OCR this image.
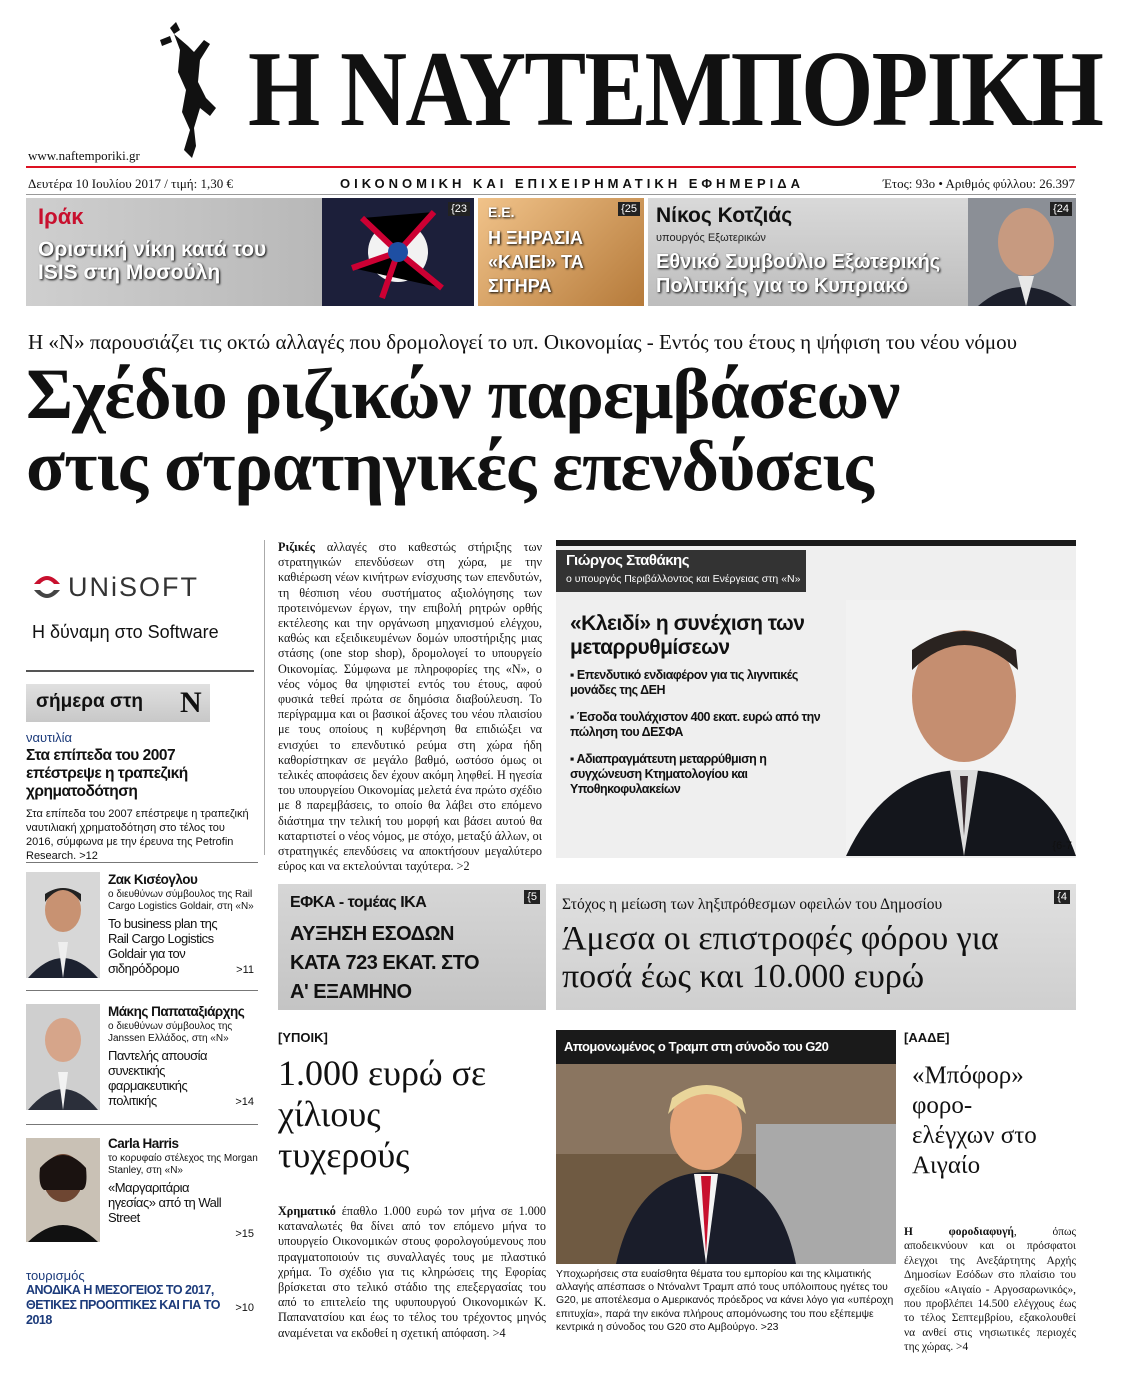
Η ΝΑΥΤΕΜΠΟΡΙΚΗ
www.naftemporiki.gr
Δευτέρα 10 Ιουλίου 2017 / τιμή: 1,30 €	ΟΙΚΟΝΟΜΙΚΗ ΚΑΙ ΕΠΙΧΕΙΡΗΜΑΤΙΚΗ ΕΦΗΜΕΡΙΔΑ	Έτος: 93ο • Αριθμός φύλλου: 26.397
Ιράκ
Οριστική νίκη κατά του ISIS στη Μοσούλη
{23 Ε.Ε.
Η ΞΗΡΑΣΙΑ «ΚΑΙΕΙ» ΤΑ ΣΙΤΗΡΑ
{25 Νίκος Κοτζιάς
υπουργός Εξωτερικών
Εθνικό Συμβούλιο Εξωτερικής Πολιτικής για το Κυπριακό
{24
Η «Ν» παρουσιάζει τις οκτώ αλλαγές που δρομολογεί το υπ. Οικονομίας - Εντός του έτους η ψήφιση του νέου νόμου
Σχέδιο ριζικών παρεμβάσεων
στις στρατηγικές επενδύσεις
Ριζικές αλλαγές στο καθεστώς στήριξης των στρατηγικών επενδύσεων στη χώρα, με την καθιέρωση νέων κινήτρων ενίσχυσης των επενδυτών, τη θέσπιση νέου συστήματος αξιολόγησης των προτεινόμενων έργων, την επιβολή ρητρών ορθής εκτέλεσης και την οργάνωση μηχανισμού ελέγχου, καθώς και εξειδικευμένων δομών υποστήριξης μιας στάσης (one stop shop), δρομολογεί το υπουργείο Οικονομίας. Σύμφωνα με πληροφορίες της «Ν», ο νέος νόμος θα ψηφιστεί εντός του έτους, αφού φυσικά τεθεί πρώτα σε δημόσια διαβούλευση. Το περίγραμμα και οι βασικοί άξονες του νέου πλαισίου με τους οποίους η κυβέρνηση θα επιδιώξει να ενισχύει το επενδυτικό ρεύμα στη χώρα ήδη καθορίστηκαν σε μεγάλο βαθμό, ωστόσο όμως οι τελικές αποφάσεις δεν έχουν ακόμη ληφθεί. Η ηγεσία του υπουργείου Οικονομίας μελετά ένα πρώτο σχέδιο με 8 παρεμβάσεις, το οποίο θα λάβει στο επόμενο διάστημα την τελική του μορφή και βάσει αυτού θα καταρτιστεί ο νέος νόμος, με στόχο, μεταξύ άλλων, οι στρατηγικές επενδύσεις να αποκτήσουν μεγαλύτερο εύρος και να εκτελούνται ταχύτερα. >2
UNiSOFT
Η δύναμη στο Software
σήμερα στη N
ναυτιλία
Στα επίπεδα του 2007 επέστρεψε η τραπεζική χρηματοδότηση
Στα επίπεδα του 2007 επέστρεψε η τραπεζική ναυτιλιακή χρηματοδότηση στο τέλος του 2016, σύμφωνα με την έρευνα της Petrofin Research. >12
Ζακ Κισέογλου
ο διευθύνων σύμβουλος της Rail Cargo Logistics Goldair, στη «Ν»
To business plan της Rail Cargo Logistics Goldair για τον σιδηρόδρομο	>11
Μάκης Παπαταξιάρχης
ο διευθύνων σύμβουλος της Janssen Ελλάδος, στη «Ν»
Παντελής απουσία συνεκτικής φαρμακευτικής πολιτικής	>14
Carla Harris
το κορυφαίο στέλεχος της Morgan Stanley, στη «Ν»
«Μαργαριτάρια ηγεσίας» από τη Wall Street
>15
τουρισμός
ΑΝΟΔΙΚΑ Η ΜΕΣΟΓΕΙΟΣ ΤΟ 2017, ΘΕΤΙΚΕΣ ΠΡΟΟΠΤΙΚΕΣ ΚΑΙ ΓΙΑ ΤΟ 2018
>10
Γιώργος Σταθάκης
ο υπουργός Περιβάλλοντος και Ενέργειας στη «Ν»
«Κλειδί» η συνέχιση των μεταρρυθμίσεων
▪ Επενδυτικό ενδιαφέρον για τις λιγνιτικές μονάδες της ΔΕΗ
▪ Έσοδα τουλάχιστον 400 εκατ. ευρώ από την πώληση του ΔΕΣΦΑ
▪ Αδιαπραγμάτευτη μεταρρύθμιση η συγχώνευση Κτηματολογίου και Υποθηκοφυλακείων
{6-7
ΕΦΚΑ - τομέας ΙΚΑ
ΑΥΞΗΣΗ ΕΣΟΔΩΝ ΚΑΤΑ 723 ΕΚΑΤ. ΣΤΟ Α' ΕΞΑΜΗΝΟ
{5 Στόχος η μείωση των ληξιπρόθεσμων οφειλών του Δημοσίου
Άμεσα οι επιστροφές φόρου για ποσά έως και 10.000 ευρώ
{4
[ΥΠΟΙΚ]
1.000 ευρώ σε χίλιους τυχερούς
Χρηματικό έπαθλο 1.000 ευρώ τον μήνα σε 1.000 καταναλωτές θα δίνει από τον επόμενο μήνα το υπουργείο Οικονομικών στους φορολογούμενους που πραγματοποιούν τις συναλλαγές τους με πλαστικό χρήμα. Το σχέδιο για τις κληρώσεις της Εφορίας βρίσκεται στο τελικό στάδιο της επεξεργασίας του από το επιτελείο της υφυπουργού Οικονομικών Κ. Παπανατσίου και έως το τέλος του τρέχοντος μηνός αναμένεται να εκδοθεί η σχετική απόφαση. >4
Απομονωμένος ο Τραμπ στη σύνοδο του G20
Υποχωρήσεις στα ευαίσθητα θέματα του εμπορίου και της κλιματικής αλλαγής απέσπασε ο Ντόναλντ Τραμπ από τους υπόλοιπους ηγέτες του G20, με αποτέλεσμα ο Αμερικανός πρόεδρος να κάνει λόγο για «υπέροχη επιτυχία», παρά την εικόνα πλήρους απομόνωσης του που εξέπεμψε κεντρικά η σύνοδος του G20 στο Αμβούργο. >23
[ΑΑΔΕ]
«Μπόφορ» φορο-ελέγχων στο Αιγαίο
Η φοροδιαφυγή, όπως αποδεικνύουν και οι πρόσφατοι έλεγχοι της Ανεξάρτητης Αρχής Δημοσίων Εσόδων στο πλαίσιο του σχεδίου «Αιγαίο - Αργοσαρωνικός», που προβλέπει 14.500 ελέγχους έως το τέλος Σεπτεμβρίου, εξακολουθεί να ανθεί στις νησιωτικές περιοχές της χώρας. >4
